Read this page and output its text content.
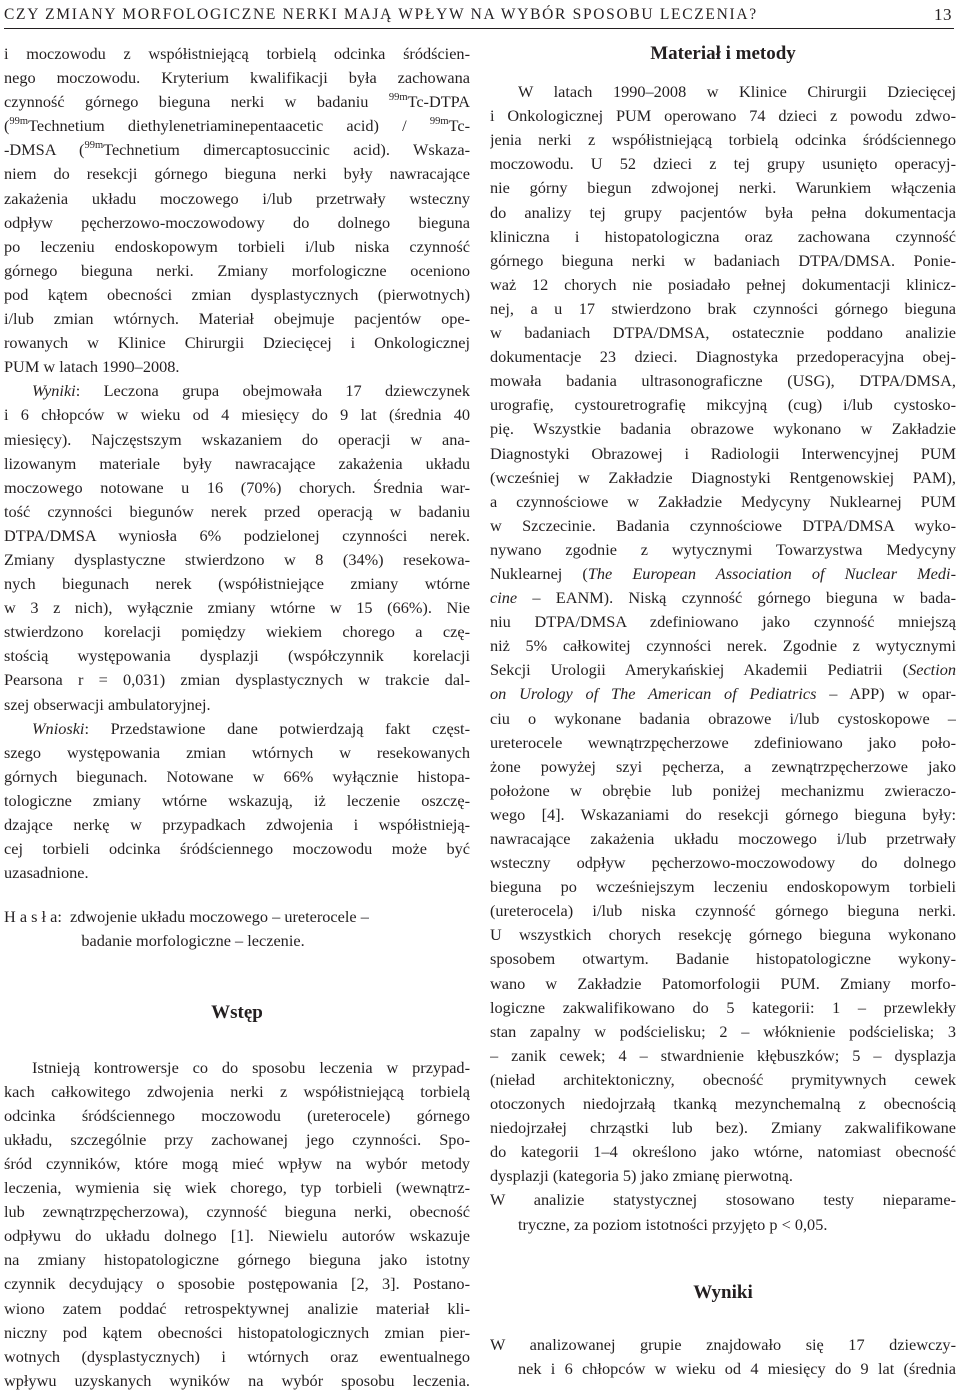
CZY ZMIANY MORFOLOGICZNE NERKI MAJĄ WPŁYW NA WYBÓR SPOSOBU LECZENIA?	13
i moczowodu z współistniejącą torbielą odcinka śródścien-
nego moczowodu. Kryterium kwalifikacji była zachowana
czynność górnego bieguna nerki w badaniu $^{99m}$Tc-DTPA
($^{99m}$Technetium diethylenetriaminepentaacetic acid) / $^{99m}$Tc-
-DMSA ($^{99m}$Technetium dimercaptosuccinic acid). Wskaza-
niem do resekcji górnego bieguna nerki były nawracające
zakażenia układu moczowego i/lub przetrwały wsteczny
odpływ pęcherzowo-moczowodowy do dolnego bieguna
po leczeniu endoskopowym torbieli i/lub niska czynność
górnego bieguna nerki. Zmiany morfologiczne oceniono
pod kątem obecności zmian dysplastycznych (pierwotnych)
i/lub zmian wtórnych. Materiał obejmuje pacjentów ope-
rowanych w Klinice Chirurgii Dziecięcej i Onkologicznej
PUM w latach 1990–2008.
Wyniki: Leczona grupa obejmowała 17 dziewczynek
i 6 chłopców w wieku od 4 miesięcy do 9 lat (średnia 40
miesięcy). Najczęstszym wskazaniem do operacji w ana-
lizowanym materiale były nawracające zakażenia układu
moczowego notowane u 16 (70%) chorych. Średnia war-
tość czynności biegunów nerek przed operacją w badaniu
DTPA/DMSA wyniosła 6% podzielonej czynności nerek.
Zmiany dysplastyczne stwierdzono w 8 (34%) resekowa-
nych biegunach nerek (współistniejące zmiany wtórne
w 3 z nich), wyłącznie zmiany wtórne w 15 (66%). Nie
stwierdzono korelacji pomiędzy wiekiem chorego a czę-
stością występowania dysplazji (współczynnik korelacji
Pearsona r = 0,031) zmian dysplastycznych w trakcie dal-
szej obserwacji ambulatoryjnej.
Wnioski: Przedstawione dane potwierdzają fakt częst-
szego występowania zmian wtórnych w resekowanych
górnych biegunach. Notowane w 66% wyłącznie histopa-
tologiczne zmiany wtórne wskazują, iż leczenie oszczę-
dzające nerkę w przypadkach zdwojenia i współistnieją-
cej torbieli odcinka śródściennego moczowodu może być
uzasadnione.
H a s ł a:  zdwojenie układu moczowego – ureterocele –
badanie morfologiczne – leczenie.
Wstęp
Istnieją kontrowersje co do sposobu leczenia w przypad-
kach całkowitego zdwojenia nerki z współistniejącą torbielą
odcinka śródściennego moczowodu (ureterocele) górnego
układu, szczególnie przy zachowanej jego czynności. Spo-
śród czynników, które mogą mieć wpływ na wybór metody
leczenia, wymienia się wiek chorego, typ torbieli (wewnątrz-
lub zewnątrzpęcherzowa), czynność bieguna nerki, obecność
odpływu do układu dolnego [1]. Niewielu autorów wskazuje
na zmiany histopatologiczne górnego bieguna jako istotny
czynnik decydujący o sposobie postępowania [2, 3]. Postano-
wiono zatem poddać retrospektywnej analizie materiał kli-
niczny pod kątem obecności histopatologicznych zmian pier-
wotnych (dysplastycznych) i wtórnych oraz ewentualnego
wpływu uzyskanych wyników na wybór sposobu leczenia.
Materiał i metody
W latach 1990–2008 w Klinice Chirurgii Dziecięcej
i Onkologicznej PUM operowano 74 dzieci z powodu zdwo-
jenia nerki z współistniejącą torbielą odcinka śródściennego
moczowodu. U 52 dzieci z tej grupy usunięto operacyj-
nie górny biegun zdwojonej nerki. Warunkiem włączenia
do analizy tej grupy pacjentów była pełna dokumentacja
kliniczna i histopatologiczna oraz zachowana czynność
górnego bieguna nerki w badaniach DTPA/DMSA. Ponie-
waż 12 chorych nie posiadało pełnej dokumentacji klinicz-
nej, a u 17 stwierdzono brak czynności górnego bieguna
w badaniach DTPA/DMSA, ostatecznie poddano analizie
dokumentacje 23 dzieci. Diagnostyka przedoperacyjna obej-
mowała badania ultrasonograficzne (USG), DTPA/DMSA,
urografię, cystouretrografię mikcyjną (cug) i/lub cystosko-
pię. Wszystkie badania obrazowe wykonano w Zakładzie
Diagnostyki Obrazowej i Radiologii Interwencyjnej PUM
(wcześniej w Zakładzie Diagnostyki Rentgenowskiej PAM),
a czynnościowe w Zakładzie Medycyny Nuklearnej PUM
w Szczecinie. Badania czynnościowe DTPA/DMSA wyko-
nywano zgodnie z wytycznymi Towarzystwa Medycyny
Nuklearnej (The European Association of Nuclear Medi-
cine – EANM). Niską czynność górnego bieguna w bada-
niu DTPA/DMSA zdefiniowano jako czynność mniejszą
niż 5% całkowitej czynności nerek. Zgodnie z wytycznymi
Sekcji Urologii Amerykańskiej Akademii Pediatrii (Section
on Urology of The American of Pediatrics – APP) w opar-
ciu o wykonane badania obrazowe i/lub cystoskopowe –
ureterocele wewnątrzpęcherzowe zdefiniowano jako poło-
żone powyżej szyi pęcherza, a zewnątrzpęcherzowe jako
położone w obrębie lub poniżej mechanizmu zwieraczo-
wego [4]. Wskazaniami do resekcji górnego bieguna były:
nawracające zakażenia układu moczowego i/lub przetrwały
wsteczny odpływ pęcherzowo-moczowodowy do dolnego
bieguna po wcześniejszym leczeniu endoskopowym torbieli
(ureterocela) i/lub niska czynność górnego bieguna nerki.
U wszystkich chorych resekcję górnego bieguna wykonano
sposobem otwartym. Badanie histopatologiczne wykony-
wano w Zakładzie Patomorfologii PUM. Zmiany morfo-
logiczne zakwalifikowano do 5 kategorii: 1 – przewlekły
stan zapalny w podścielisku; 2 – włóknienie podścieliska; 3
– zanik cewek; 4 – stwardnienie kłębuszków; 5 – dysplazja
(nieład architektoniczny, obecność prymitywnych cewek
otoczonych niedojrzałą tkanką mezynchemalną z obecnością
niedojrzałej chrząstki lub bez). Zmiany zakwalifikowane
do kategorii 1–4 określono jako wtórne, natomiast obecność
dysplazji (kategoria 5) jako zmianę pierwotną.
W analizie statystycznej stosowano testy nieparame-
tryczne, za poziom istotności przyjęto p < 0,05.
Wyniki
W analizowanej grupie znajdowało się 17 dziewczy-
nek i 6 chłopców w wieku od 4 miesięcy do 9 lat (średnia
